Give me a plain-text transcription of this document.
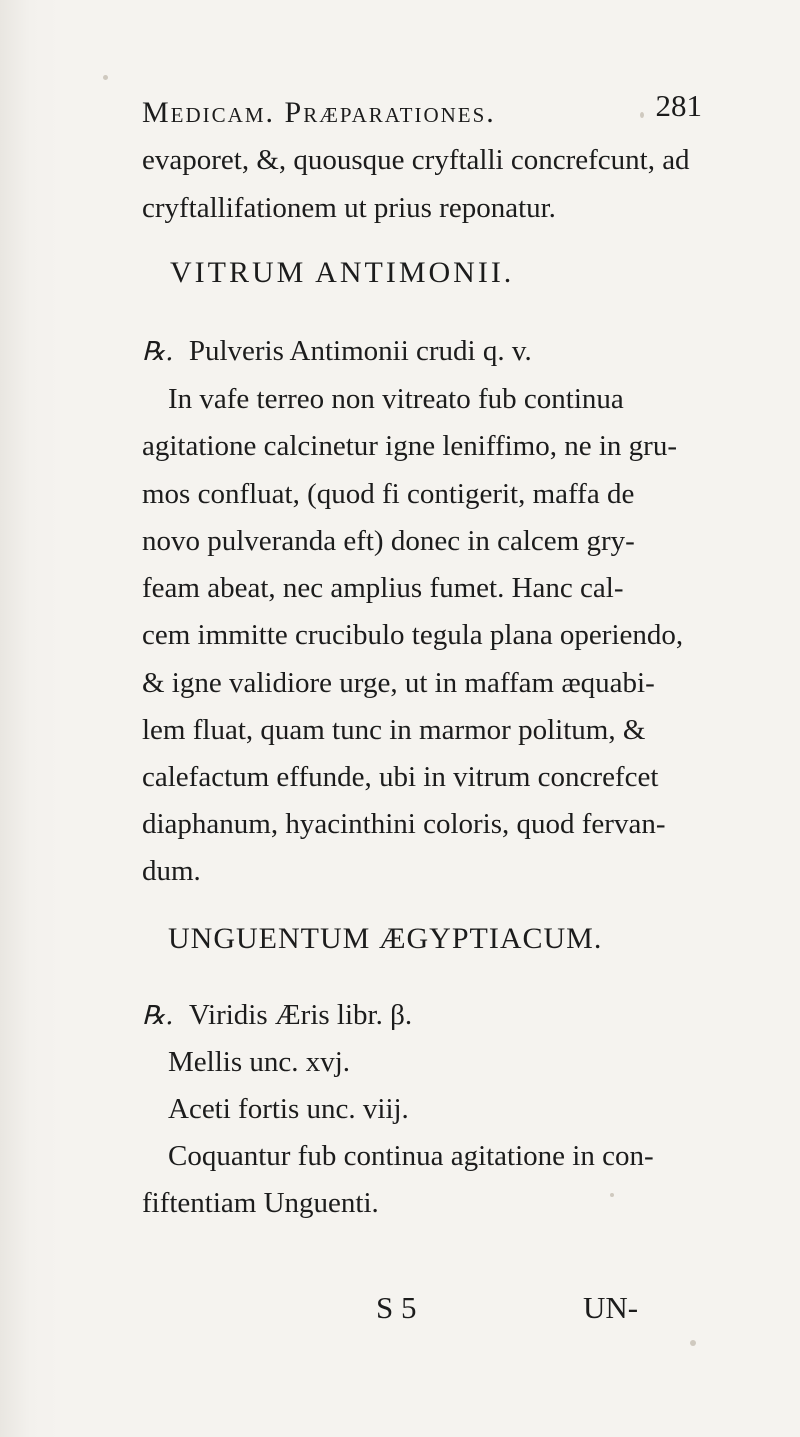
Medicam. Præparationes.	281
evaporet, &, quousque cryftalli concrefcunt, ad
cryftallifationem ut prius reponatur.
VITRUM ANTIMONII.
℞. Pulveris Antimonii crudi q. v.
In vafe terreo non vitreato fub continua
agitatione calcinetur igne leniffimo, ne in gru-
mos confluat, (quod fi contigerit, maffa de
novo pulveranda eft) donec in calcem gry-
feam abeat, nec amplius fumet. Hanc cal-
cem immitte crucibulo tegula plana operiendo,
& igne validiore urge, ut in maffam æquabi-
lem fluat, quam tunc in marmor politum, &
calefactum effunde, ubi in vitrum concrefcet
diaphanum, hyacinthini coloris, quod fervan-
dum.
UNGUENTUM ÆGYPTIACUM.
℞. Viridis Æris libr. β.
Mellis unc. xvj.
Aceti fortis unc. viij.
Coquantur fub continua agitatione in con-
fiftentiam Unguenti.
S 5	UN-
